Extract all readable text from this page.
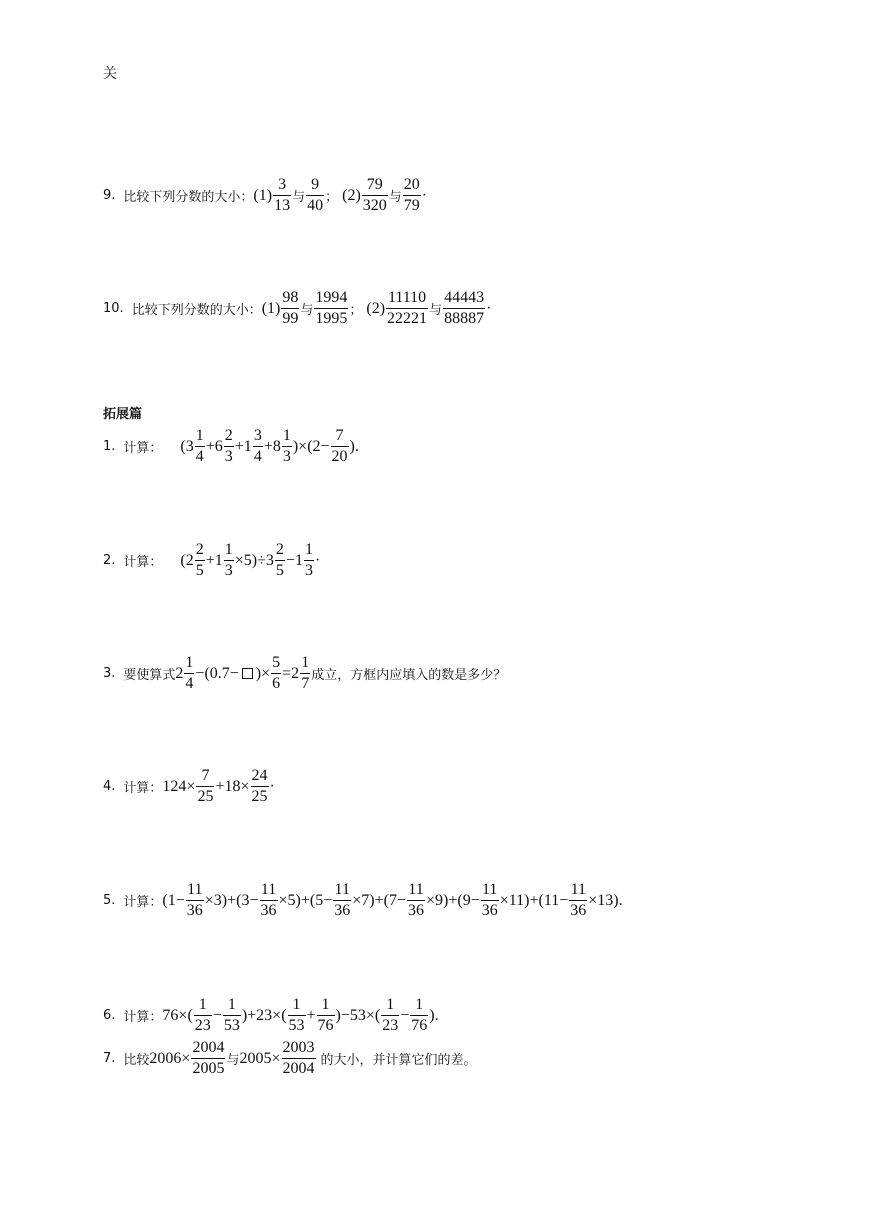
关
9. 比较下列分数的大小： $(1) \frac{3}{13}$ 与 $\frac{9}{40}$ ； $(2) \frac{79}{320}$ 与 $\frac{20}{79}$ ·
10. 比较下列分数的大小： $(1) \frac{98}{99}$ 与 $\frac{1994}{1995}$ ； $(2) \frac{11110}{22221}$ 与 $\frac{44443}{88887}$ ·
拓展篇
1. 计算： $(3 \frac{1}{4} +6 \frac{2}{3} +1 \frac{3}{4} +8 \frac{1}{3} )\times(2- \frac{7}{20}$ ).
2. 计算： $(2 \frac{2}{5} +1 \frac{1}{3} \times 5)\div 3 \frac{2}{5} -1 \frac{1}{3}$ ·
3. 要使算式 $2 \frac{1}{4} -(0.7-$ )× $\frac{5}{6} =2 \frac{1}{7}$ 成立，方框内应填入的数是多少？
4. 计算： $124\times \frac{7}{25} +18\times \frac{24}{25}$ ·
5. 计算： $(1- \frac{11}{36} \times 3) +(3- \frac{11}{36} \times 5) +(5- \frac{11}{36} \times 7) +(7- \frac{11}{36} \times 9) +(9- \frac{11}{36} \times 11) +(11- \frac{11}{36} \times 13)$.
6. 计算： $76\times( \frac{1}{23} - \frac{1}{53} )+23\times( \frac{1}{53} + \frac{1}{76} )-53\times( \frac{1}{23} - \frac{1}{76}$ ).
7. 比较 $2006\times \frac{2004}{2005}$ 与 $2005\times \frac{2003}{2004}$ 的大小，并计算它们的差。
